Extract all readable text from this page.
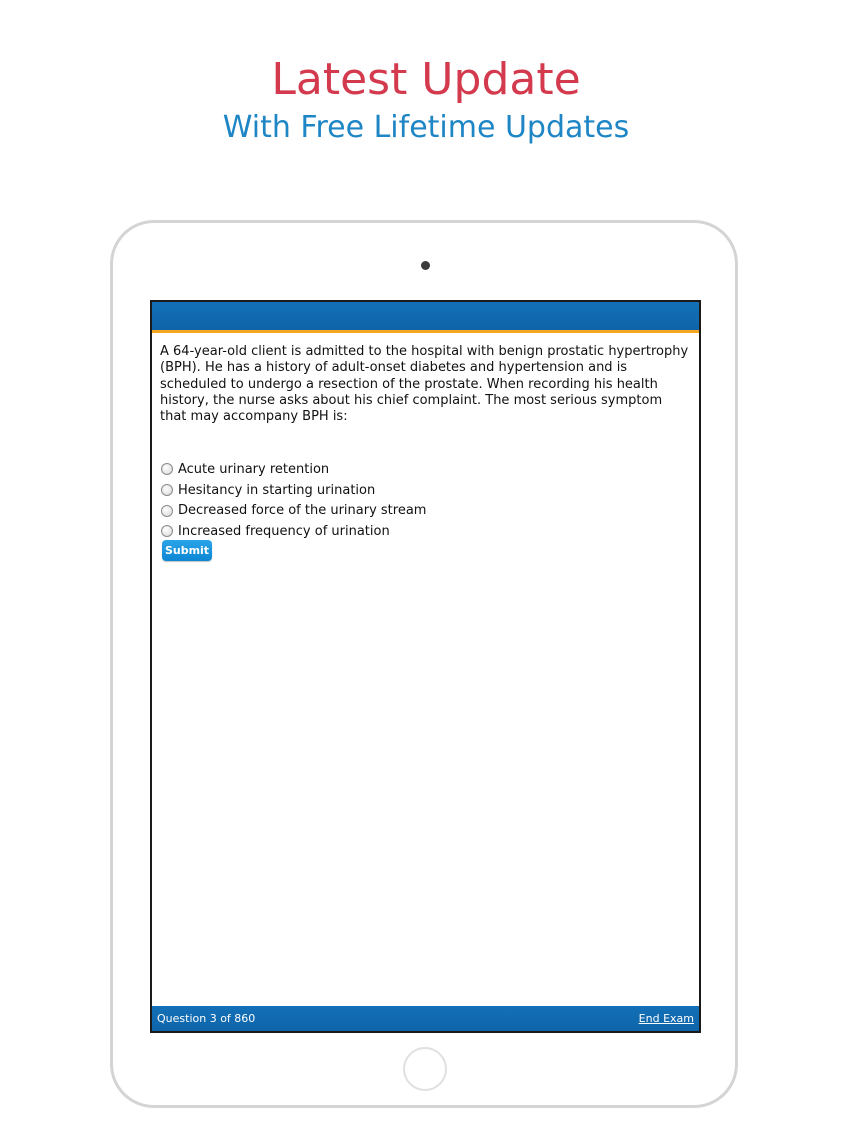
Latest Update
With Free Lifetime Updates

A 64-year-old client is admitted to the hospital with benign prostatic hypertrophy (BPH). He has a history of adult-onset diabetes and hypertension and is scheduled to undergo a resection of the prostate. When recording his health history, the nurse asks about his chief complaint. The most serious symptom that may accompany BPH is:

Acute urinary retention
Hesitancy in starting urination
Decreased force of the urinary stream
Increased frequency of urination
Submit
Question 3 of 860	End Exam
